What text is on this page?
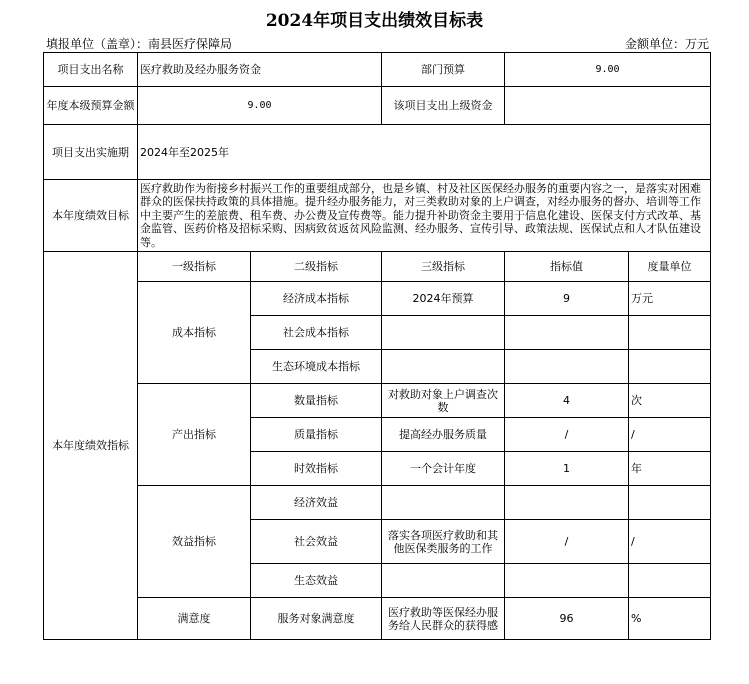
2024年项目支出绩效目标表
填报单位（盖章）：南县医疗保障局	金额单位：万元
项目支出名称	医疗救助及经办服务资金		部门预算	9.00	
年度本级预算金额	9.00		该项目支出上级资金		
项目支出实施期	2024年至2025年				
本年度绩效目标	医疗救助作为衔接乡村振兴工作的重要组成部分，也是乡镇、村及社区医保经办服务的重要内容之一，是落实对困难群众的医保扶持政策的具体措施。提升经办服务能力，对三类救助对象的上户调查，对经办服务的督办、培训等工作中主要产生的差旅费、租车费、办公费及宣传费等。能力提升补助资金主要用于信息化建设、医保支付方式改革、基金监管、医药价格及招标采购、因病致贫返贫风险监测、经办服务、宣传引导、政策法规、医保试点和人才队伍建设等。				
本年度绩效指标	一级指标	二级指标	三级指标	指标值	度量单位
	成本指标	经济成本指标	2024年预算	9	万元
		社会成本指标			
		生态环境成本指标			
	产出指标	数量指标	对救助对象上户调查次数	4	次
		质量指标	提高经办服务质量	/	/
		时效指标	一个会计年度	1	年
	效益指标	经济效益			
		社会效益	落实各项医疗救助和其他医保类服务的工作	/	/
		生态效益			
	满意度	服务对象满意度	医疗救助等医保经办服务给人民群众的获得感	96	%
